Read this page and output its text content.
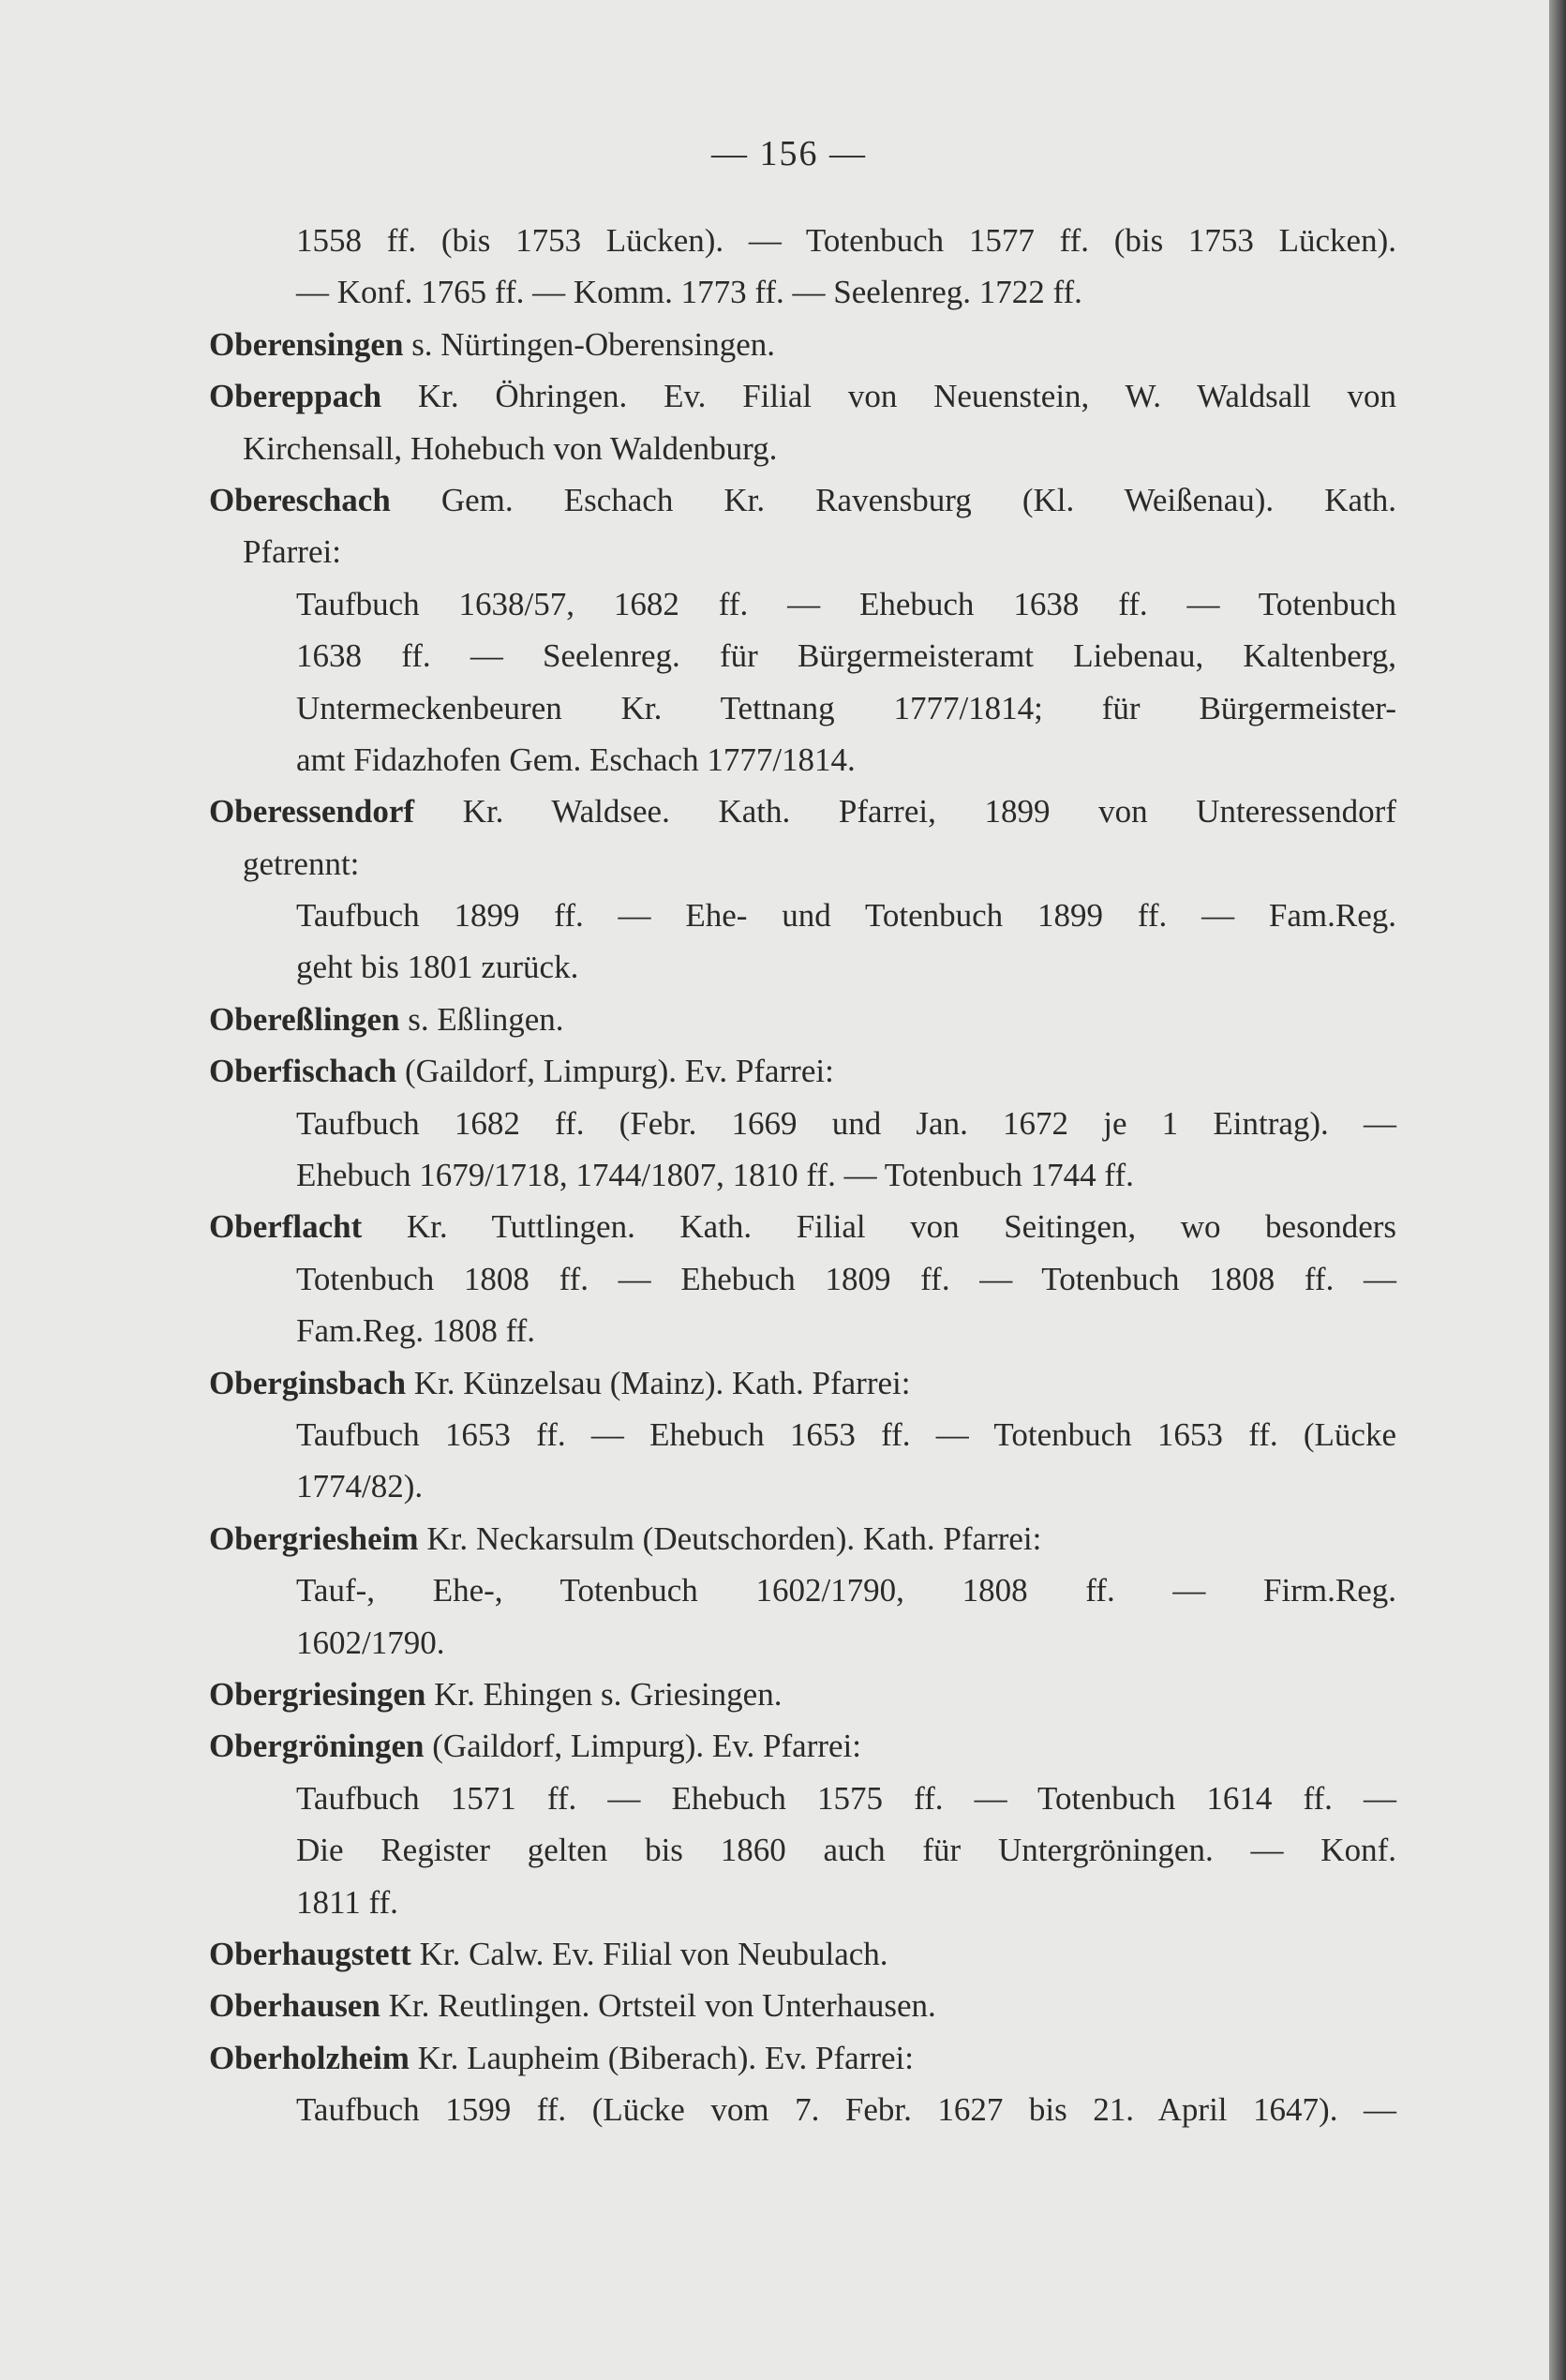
— 156 —
1558 ff. (bis 1753 Lücken). — Totenbuch 1577 ff. (bis 1753 Lücken).
— Konf. 1765 ff. — Komm. 1773 ff. — Seelenreg. 1722 ff.
Oberensingen s. Nürtingen-Oberensingen.
Obereppach Kr. Öhringen. Ev. Filial von Neuenstein, W. Waldsall von
Kirchensall, Hohebuch von Waldenburg.
Obereschach Gem. Eschach Kr. Ravensburg (Kl. Weißenau). Kath.
Pfarrei:
Taufbuch 1638/57, 1682 ff. — Ehebuch 1638 ff. — Totenbuch
1638 ff. — Seelenreg. für Bürgermeisteramt Liebenau, Kaltenberg,
Untermeckenbeuren Kr. Tettnang 1777/1814; für Bürgermeister-
amt Fidazhofen Gem. Eschach 1777/1814.
Oberessendorf Kr. Waldsee. Kath. Pfarrei, 1899 von Unteressendorf
getrennt:
Taufbuch 1899 ff. — Ehe- und Totenbuch 1899 ff. — Fam.Reg.
geht bis 1801 zurück.
Obereßlingen s. Eßlingen.
Oberfischach (Gaildorf, Limpurg). Ev. Pfarrei:
Taufbuch 1682 ff. (Febr. 1669 und Jan. 1672 je 1 Eintrag). —
Ehebuch 1679/1718, 1744/1807, 1810 ff. — Totenbuch 1744 ff.
Oberflacht Kr. Tuttlingen. Kath. Filial von Seitingen, wo besonders
Totenbuch 1808 ff. — Ehebuch 1809 ff. — Totenbuch 1808 ff. —
Fam.Reg. 1808 ff.
Oberginsbach Kr. Künzelsau (Mainz). Kath. Pfarrei:
Taufbuch 1653 ff. — Ehebuch 1653 ff. — Totenbuch 1653 ff. (Lücke
1774/82).
Obergriesheim Kr. Neckarsulm (Deutschorden). Kath. Pfarrei:
Tauf-, Ehe-, Totenbuch 1602/1790, 1808 ff. — Firm.Reg.
1602/1790.
Obergriesingen Kr. Ehingen s. Griesingen.
Obergröningen (Gaildorf, Limpurg). Ev. Pfarrei:
Taufbuch 1571 ff. — Ehebuch 1575 ff. — Totenbuch 1614 ff. —
Die Register gelten bis 1860 auch für Untergröningen. — Konf.
1811 ff.
Oberhaugstett Kr. Calw. Ev. Filial von Neubulach.
Oberhausen Kr. Reutlingen. Ortsteil von Unterhausen.
Oberholzheim Kr. Laupheim (Biberach). Ev. Pfarrei:
Taufbuch 1599 ff. (Lücke vom 7. Febr. 1627 bis 21. April 1647). —
